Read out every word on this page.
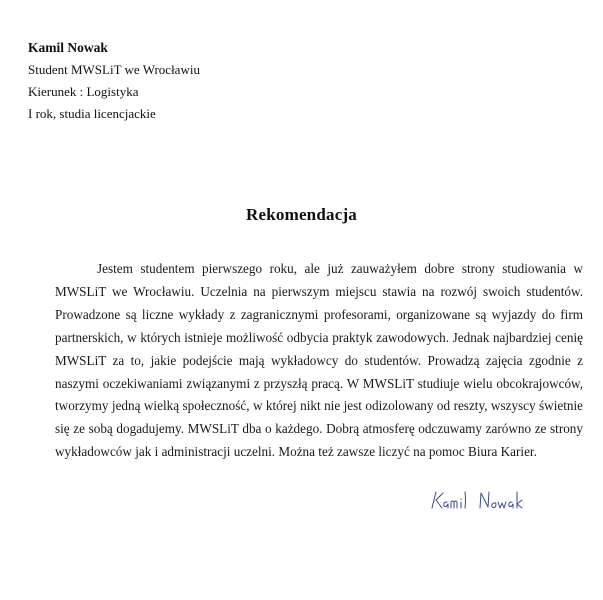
Kamil Nowak
Student MWSLiT we Wrocławiu
Kierunek : Logistyka
I rok, studia licencjackie
Rekomendacja
Jestem studentem pierwszego roku, ale już zauważyłem dobre strony studiowania w MWSLiT we Wrocławiu. Uczelnia na pierwszym miejscu stawia na rozwój swoich studentów. Prowadzone są liczne wykłady z zagranicznymi profesorami, organizowane są wyjazdy do firm partnerskich, w których istnieje możliwość odbycia praktyk zawodowych. Jednak najbardziej cenię MWSLiT za to, jakie podejście mają wykładowcy do studentów. Prowadzą zajęcia zgodnie z naszymi oczekiwaniami związanymi z przyszłą pracą. W MWSLiT studiuje wielu obcokrajowców, tworzymy jedną wielką społeczność, w której nikt nie jest odizolowany od reszty, wszyscy świetnie się ze sobą dogadujemy. MWSLiT dba o każdego. Dobrą atmosferę odczuwamy zarówno ze strony wykładowców jak i administracji uczelni. Można też zawsze liczyć na pomoc Biura Karier.
